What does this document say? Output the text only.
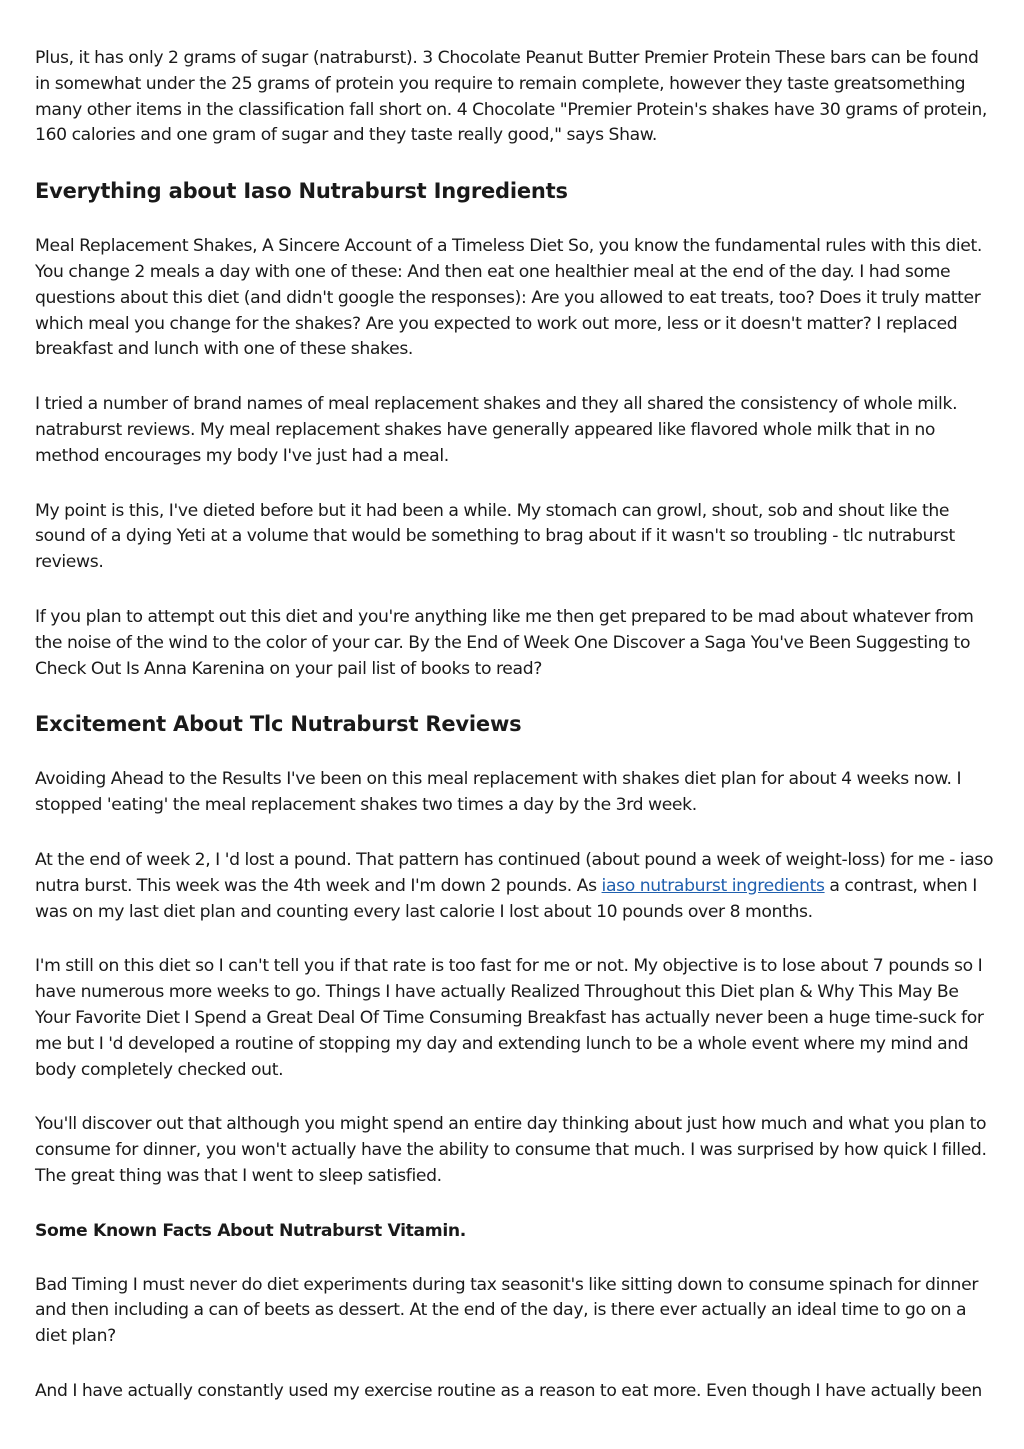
Plus, it has only 2 grams of sugar (natraburst). 3 Chocolate Peanut Butter Premier Protein These bars can be found in somewhat under the 25 grams of protein you require to remain complete, however they taste greatsomething many other items in the classification fall short on. 4 Chocolate "Premier Protein's shakes have 30 grams of protein, 160 calories and one gram of sugar and they taste really good," says Shaw.

Everything about Iaso Nutraburst Ingredients

Meal Replacement Shakes, A Sincere Account of a Timeless Diet So, you know the fundamental rules with this diet. You change 2 meals a day with one of these: And then eat one healthier meal at the end of the day. I had some questions about this diet (and didn't google the responses): Are you allowed to eat treats, too? Does it truly matter which meal you change for the shakes? Are you expected to work out more, less or it doesn't matter? I replaced breakfast and lunch with one of these shakes.

I tried a number of brand names of meal replacement shakes and they all shared the consistency of whole milk. natraburst reviews. My meal replacement shakes have generally appeared like flavored whole milk that in no method encourages my body I've just had a meal.

My point is this, I've dieted before but it had been a while. My stomach can growl, shout, sob and shout like the sound of a dying Yeti at a volume that would be something to brag about if it wasn't so troubling - tlc nutraburst reviews.

If you plan to attempt out this diet and you're anything like me then get prepared to be mad about whatever from the noise of the wind to the color of your car. By the End of Week One Discover a Saga You've Been Suggesting to Check Out Is Anna Karenina on your pail list of books to read?

Excitement About Tlc Nutraburst Reviews

Avoiding Ahead to the Results I've been on this meal replacement with shakes diet plan for about 4 weeks now. I stopped 'eating' the meal replacement shakes two times a day by the 3rd week.

At the end of week 2, I 'd lost a pound. That pattern has continued (about pound a week of weight-loss) for me - iaso nutra burst. This week was the 4th week and I'm down 2 pounds. As iaso nutraburst ingredients a contrast, when I was on my last diet plan and counting every last calorie I lost about 10 pounds over 8 months.

I'm still on this diet so I can't tell you if that rate is too fast for me or not. My objective is to lose about 7 pounds so I have numerous more weeks to go. Things I have actually Realized Throughout this Diet plan & Why This May Be Your Favorite Diet I Spend a Great Deal Of Time Consuming Breakfast has actually never been a huge time-suck for me but I 'd developed a routine of stopping my day and extending lunch to be a whole event where my mind and body completely checked out.

You'll discover out that although you might spend an entire day thinking about just how much and what you plan to consume for dinner, you won't actually have the ability to consume that much. I was surprised by how quick I filled. The great thing was that I went to sleep satisfied.

Some Known Facts About Nutraburst Vitamin.

Bad Timing I must never do diet experiments during tax seasonit's like sitting down to consume spinach for dinner and then including a can of beets as dessert. At the end of the day, is there ever actually an ideal time to go on a diet plan?

And I have actually constantly used my exercise routine as a reason to eat more. Even though I have actually been
